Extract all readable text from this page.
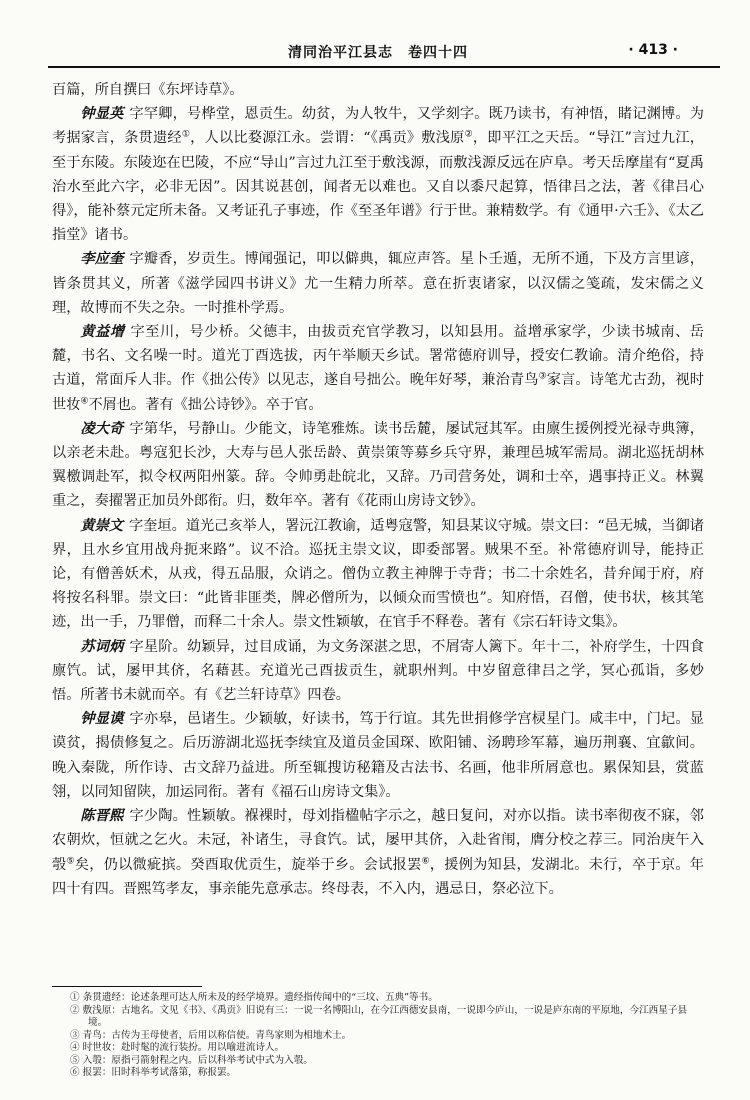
清同治平江县志　卷四十四	· 413 ·

百篇，所自撰曰《东坪诗草》。

钟显英 字罕卿，号桦堂，恩贡生。幼贫，为人牧牛，又学刻字。既乃读书，有神悟，睹记渊博。为考据家言，条贯遗经①，人以比婺源江永。尝谓：“《禹贡》敷浅原②，即平江之天岳。“导江”言过九江，至于东陵。东陵迩在巴陵，不应“导山”言过九江至于敷浅源，而敷浅源反远在庐阜。考天岳摩崖有“夏禹治水至此六字，必非无因”。因其说甚创，闻者无以难也。又自以黍尺起算，悟律吕之法，著《律吕心得》，能补蔡元定所未备。又考证孔子事迹，作《至圣年谱》行于世。兼精数学。有《通甲·六壬》、《太乙指堂》诸书。

李应奎 字瓣香，岁贡生。博闻强记，叩以僻典，辄应声答。星卜壬遁，无所不通，下及方言里谚，皆条贯其义，所著《滋学园四书讲义》尤一生精力所萃。意在折衷诸家，以汉儒之笺疏，发宋儒之义理，故博而不失之杂。一时推朴学焉。

黄益增 字至川，号少桥。父德丰，由拔贡充官学教习，以知县用。益增承家学，少读书城南、岳麓，书名、文名噪一时。道光丁酉选拔，丙午举顺天乡试。署常德府训导，授安仁教谕。清介绝俗，持古道，常面斥人非。作《拙公传》以见志，遂自号拙公。晚年好琴，兼治青鸟③家言。诗笔尤古劲，视时世妆④不屑也。著有《拙公诗钞》。卒于官。

凌大奇 字第华，号静山。少能文，诗笔雅炼。读书岳麓，屡试冠其军。由廪生援例授光禄寺典簿，以亲老未赴。粤寇犯长沙，大寿与邑人张岳龄、黄崇策等募乡兵守界，兼理邑城军需局。湖北巡抚胡林翼檄调赴军，拟令权两阳州篆。辞。令帅勇赴皖北，又辞。乃司营务处，调和士卒，遇事持正义。林翼重之，奏擢署正加员外郎衔。归，数年卒。著有《花雨山房诗文钞》。

黄崇文 字奎垣。道光己亥举人，署沅江教谕，适粤寇警，知县某议守城。崇文曰：“邑无城，当御诸界，且水乡宜用战舟扼来路”。议不洽。巡抚主崇文议，即委部署。贼果不至。补常德府训导，能持正论，有僧善妖术，从戎，得五品服，众诮之。僧伪立教主神牌于寺背；书二十余姓名，昔弁闻于府，府将按名科罪。崇文曰：“此皆非匪类，牌必僧所为，以倾众而雪愤也”。知府悟，召僧，使书状，核其笔迹，出一手，乃罪僧，而释二十余人。崇文性颖敏，在官手不释卷。著有《宗石轩诗文集》。

苏词炳 字星阶。幼颖异，过目成诵，为文务深湛之思，不屑寄人篱下。年十二，补府学生，十四食廪饩。试，屡甲其侪，名藉甚。充道光己酉拔贡生，就职州判。中岁留意律吕之学，冥心孤诣，多妙悟。所著书未就而卒。有《艺兰轩诗草》四卷。

钟显谟 字亦皋，邑诸生。少颖敏，好读书，笃于行谊。其先世捐修学宫棂星门。咸丰中，门圮。显谟贫，揭债修复之。后历游湖北巡抚李续宜及道员金国琛、欧阳铺、汤聘珍军幕，遍历荆襄、宜歙间。晚入秦陇，所作诗、古文辞乃益进。所至辄搜访秘籍及古法书、名画，他非所屑意也。累保知县，赏蓝翎，以同知留陕，加运同衔。著有《福石山房诗文集》。

陈晋熙 字少陶。性颖敏。褓裸时，母刘指楹帖字示之，越日复问，对亦以指。读书率彻夜不寐，邻农朝炊，恒就之乞火。未冠，补诸生，寻食饩。试，屡甲其侪，入赴省闱，膺分校之荐三。同治庚午入彀⑤矣，仍以微疵摈。癸酉取优贡生，旋举于乡。会试报罢⑥，援例为知县，发湖北。未行，卒于京。年四十有四。晋熙笃孝友，事亲能先意承志。终母表，不入内，遇忌日，祭必泣下。

① 条贯遗经：论述条理可达人所未及的经学境界。遗经指传闻中的“三坟、五典”等书。
② 敷浅原：古地名。文见《书》、《禹贡》旧说有三：一说一名博阳山，在今江西德安县南，一说即今庐山，一说是庐东南的平原地，今江西星子县境。
③ 青鸟：古传为王母使者，后用以称信使。青鸟家则为相地术士。
④ 时世妆：赴时髦的流行装扮。用以喻进流诗人。
⑤ 入彀：原指弓箭射程之内。后以科举考试中式为入彀。
⑥ 报罢：旧时科举考试落第，称报罢。
